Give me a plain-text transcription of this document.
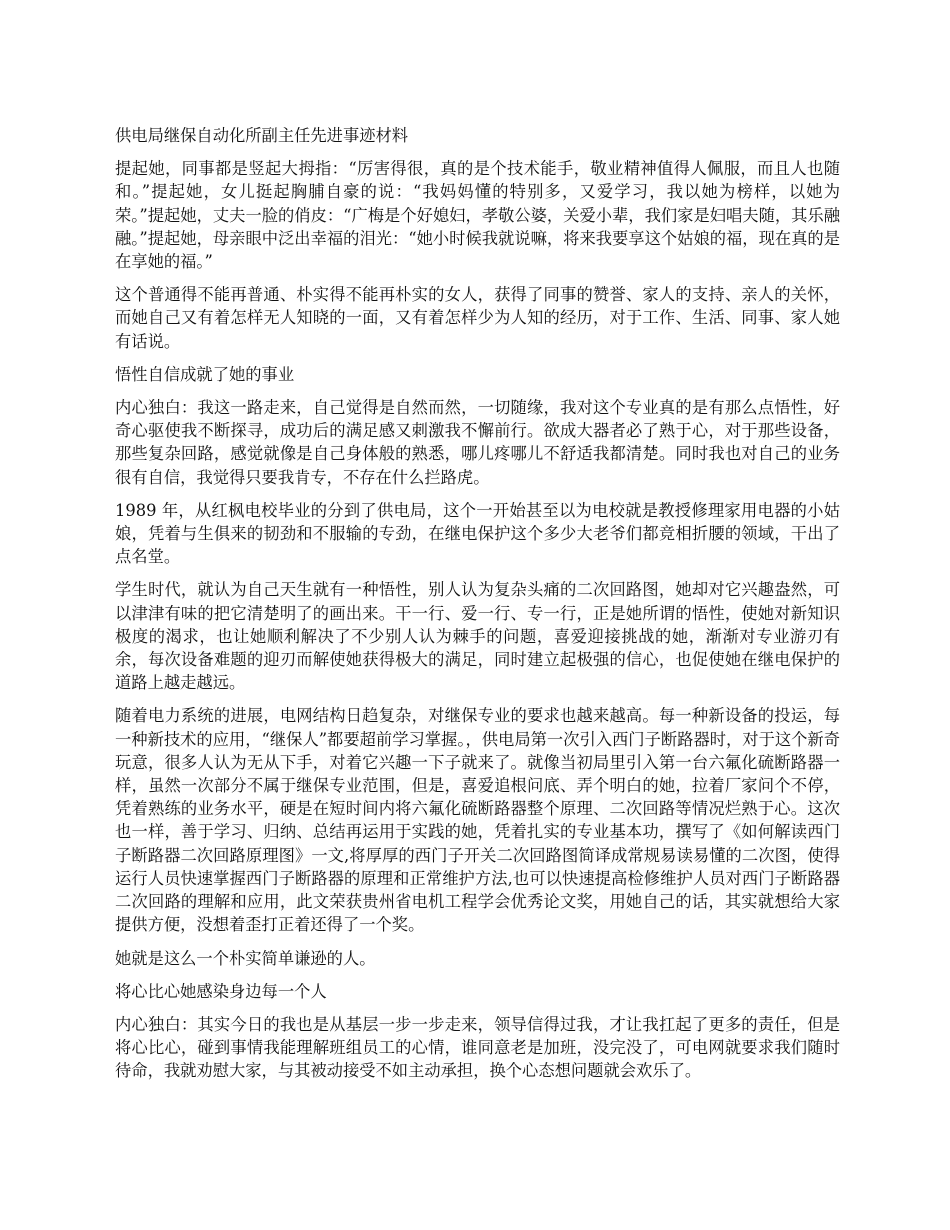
供电局继保自动化所副主任先进事迹材料

提起她，同事都是竖起大拇指：“厉害得很，真的是个技术能手，敬业精神值得人佩服，而且人也随和。”提起她，女儿挺起胸脯自豪的说：“我妈妈懂的特别多，又爱学习，我以她为榜样，以她为荣。”提起她，丈夫一脸的俏皮：“广梅是个好媳妇，孝敬公婆，关爱小辈，我们家是妇唱夫随，其乐融融。”提起她，母亲眼中泛出幸福的泪光：“她小时候我就说嘛，将来我要享这个姑娘的福，现在真的是在享她的福。”

这个普通得不能再普通、朴实得不能再朴实的女人，获得了同事的赞誉、家人的支持、亲人的关怀，而她自己又有着怎样无人知晓的一面，又有着怎样少为人知的经历，对于工作、生活、同事、家人她有话说。

悟性自信成就了她的事业

内心独白：我这一路走来，自己觉得是自然而然，一切随缘，我对这个专业真的是有那么点悟性，好奇心驱使我不断探寻，成功后的满足感又刺激我不懈前行。欲成大器者必了熟于心，对于那些设备，那些复杂回路，感觉就像是自己身体般的熟悉，哪儿疼哪儿不舒适我都清楚。同时我也对自己的业务很有自信，我觉得只要我肯专，不存在什么拦路虎。

1989 年，从红枫电校毕业的分到了供电局，这个一开始甚至以为电校就是教授修理家用电器的小姑娘，凭着与生俱来的韧劲和不服输的专劲，在继电保护这个多少大老爷们都竞相折腰的领域，干出了点名堂。

学生时代，就认为自己天生就有一种悟性，别人认为复杂头痛的二次回路图，她却对它兴趣盎然，可以津津有味的把它清楚明了的画出来。干一行、爱一行、专一行，正是她所谓的悟性，使她对新知识极度的渴求，也让她顺利解决了不少别人认为棘手的问题，喜爱迎接挑战的她，渐渐对专业游刃有余，每次设备难题的迎刃而解使她获得极大的满足，同时建立起极强的信心，也促使她在继电保护的道路上越走越远。

随着电力系统的进展，电网结构日趋复杂，对继保专业的要求也越来越高。每一种新设备的投运，每一种新技术的应用，“继保人”都要超前学习掌握。，供电局第一次引入西门子断路器时，对于这个新奇玩意，很多人认为无从下手，对着它兴趣一下子就来了。就像当初局里引入第一台六氟化硫断路器一样，虽然一次部分不属于继保专业范围，但是，喜爱追根问底、弄个明白的她，拉着厂家问个不停，凭着熟练的业务水平，硬是在短时间内将六氟化硫断路器整个原理、二次回路等情况烂熟于心。这次也一样，善于学习、归纳、总结再运用于实践的她，凭着扎实的专业基本功，撰写了《如何解读西门子断路器二次回路原理图》一文,将厚厚的西门子开关二次回路图简译成常规易读易懂的二次图，使得运行人员快速掌握西门子断路器的原理和正常维护方法,也可以快速提高检修维护人员对西门子断路器二次回路的理解和应用，此文荣获贵州省电机工程学会优秀论文奖，用她自己的话，其实就想给大家提供方便，没想着歪打正着还得了一个奖。

她就是这么一个朴实简单谦逊的人。

将心比心她感染身边每一个人

内心独白：其实今日的我也是从基层一步一步走来，领导信得过我，才让我扛起了更多的责任，但是将心比心，碰到事情我能理解班组员工的心情，谁同意老是加班，没完没了，可电网就要求我们随时待命，我就劝慰大家，与其被动接受不如主动承担，换个心态想问题就会欢乐了。
